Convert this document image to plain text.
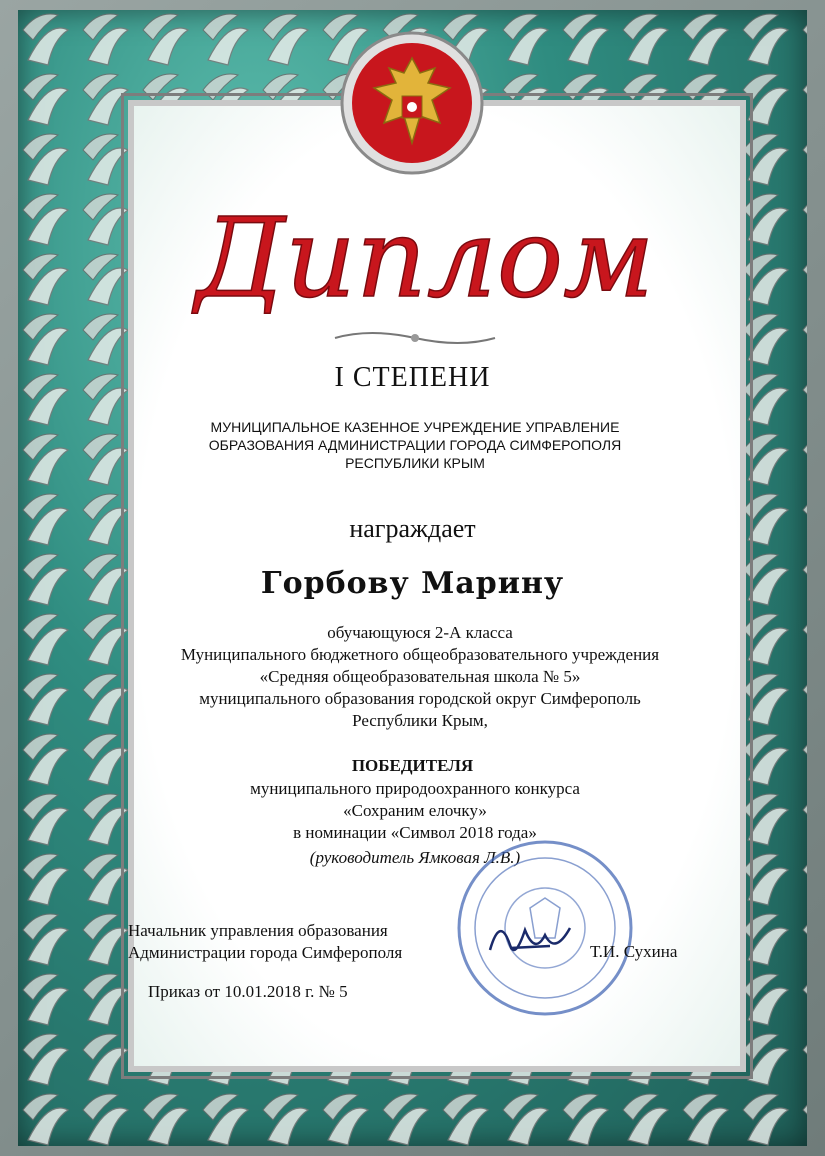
Диплом
I СТЕПЕНИ
МУНИЦИПАЛЬНОЕ КАЗЕННОЕ УЧРЕЖДЕНИЕ УПРАВЛЕНИЕ
ОБРАЗОВАНИЯ АДМИНИСТРАЦИИ ГОРОДА СИМФЕРОПОЛЯ
РЕСПУБЛИКИ КРЫМ
награждает
Горбову Марину
обучающуюся 2-А класса
Муниципального бюджетного общеобразовательного учреждения
«Средняя общеобразовательная школа № 5»
муниципального образования городской округ Симферополь
Республики Крым,
ПОБЕДИТЕЛЯ
муниципального природоохранного конкурса
«Сохраним елочку»
в номинации «Символ 2018 года»
(руководитель Ямковая Л.В.)
Начальник управления образования
Администрации города Симферополя	Т.И. Сухина
Приказ от 10.01.2018 г. № 5
